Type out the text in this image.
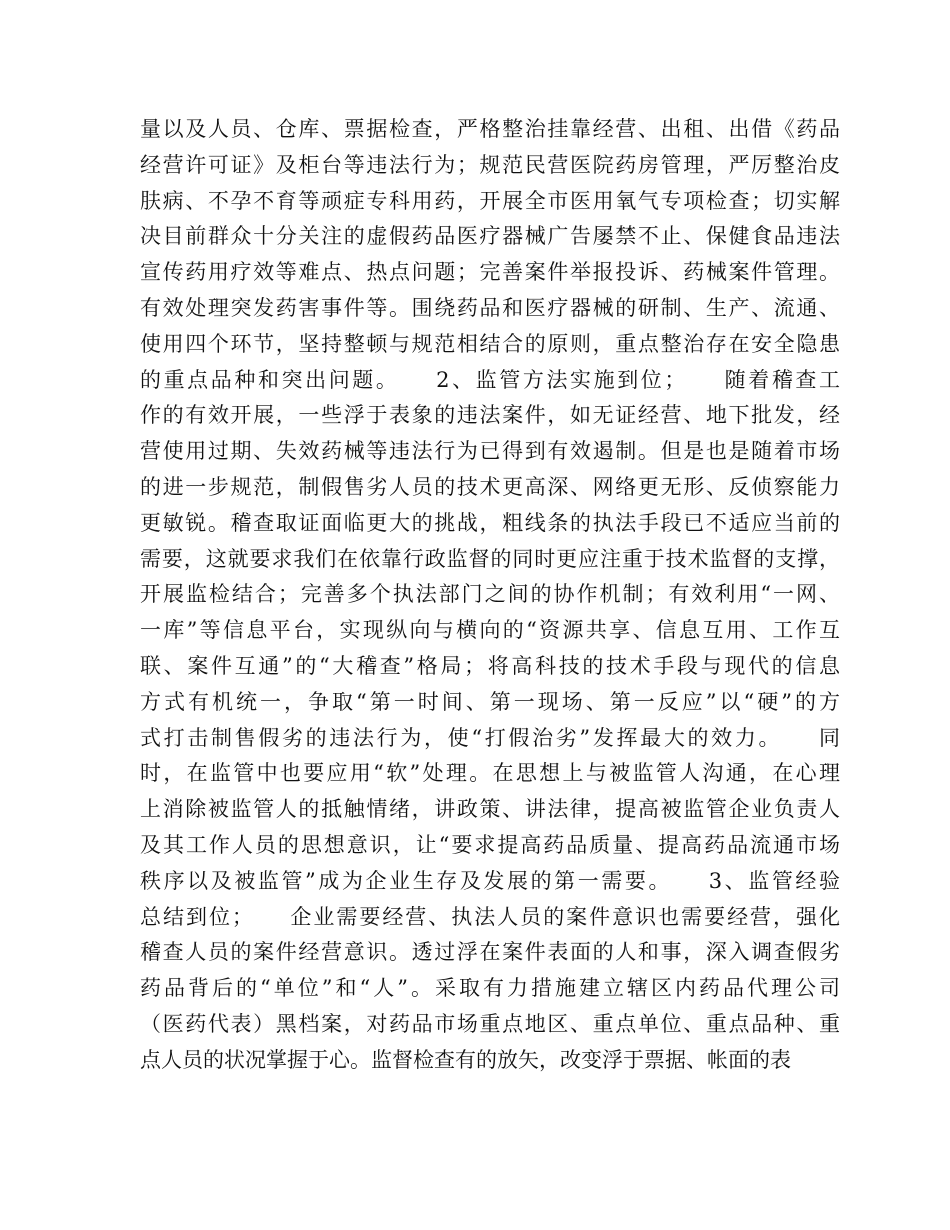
量以及人员、仓库、票据检查，严格整治挂靠经营、出租、出借《药品
经营许可证》及柜台等违法行为；规范民营医院药房管理，严厉整治皮
肤病、不孕不育等顽症专科用药，开展全市医用氧气专项检查；切实解
决目前群众十分关注的虚假药品医疗器械广告屡禁不止、保健食品违法
宣传药用疗效等难点、热点问题；完善案件举报投诉、药械案件管理。
有效处理突发药害事件等。围绕药品和医疗器械的研制、生产、流通、
使用四个环节，坚持整顿与规范相结合的原则，重点整治存在安全隐患
的重点品种和突出问题。　　2、监管方法实施到位；　　随着稽查工
作的有效开展，一些浮于表象的违法案件，如无证经营、地下批发，经
营使用过期、失效药械等违法行为已得到有效遏制。但是也是随着市场
的进一步规范，制假售劣人员的技术更高深、网络更无形、反侦察能力
更敏锐。稽查取证面临更大的挑战，粗线条的执法手段已不适应当前的
需要，这就要求我们在依靠行政监督的同时更应注重于技术监督的支撑，
开展监检结合；完善多个执法部门之间的协作机制；有效利用“一网、
一库”等信息平台，实现纵向与横向的“资源共享、信息互用、工作互
联、案件互通”的“大稽查”格局；将高科技的技术手段与现代的信息
方式有机统一，争取“第一时间、第一现场、第一反应”以“硬”的方
式打击制售假劣的违法行为，使“打假治劣”发挥最大的效力。　　同
时，在监管中也要应用“软”处理。在思想上与被监管人沟通，在心理
上消除被监管人的抵触情绪，讲政策、讲法律，提高被监管企业负责人
及其工作人员的思想意识，让“要求提高药品质量、提高药品流通市场
秩序以及被监管”成为企业生存及发展的第一需要。　　3、监管经验
总结到位；　　企业需要经营、执法人员的案件意识也需要经营，强化
稽查人员的案件经营意识。透过浮在案件表面的人和事，深入调查假劣
药品背后的“单位”和“人”。采取有力措施建立辖区内药品代理公司
（医药代表）黑档案，对药品市场重点地区、重点单位、重点品种、重
点人员的状况掌握于心。监督检查有的放矢，改变浮于票据、帐面的表
